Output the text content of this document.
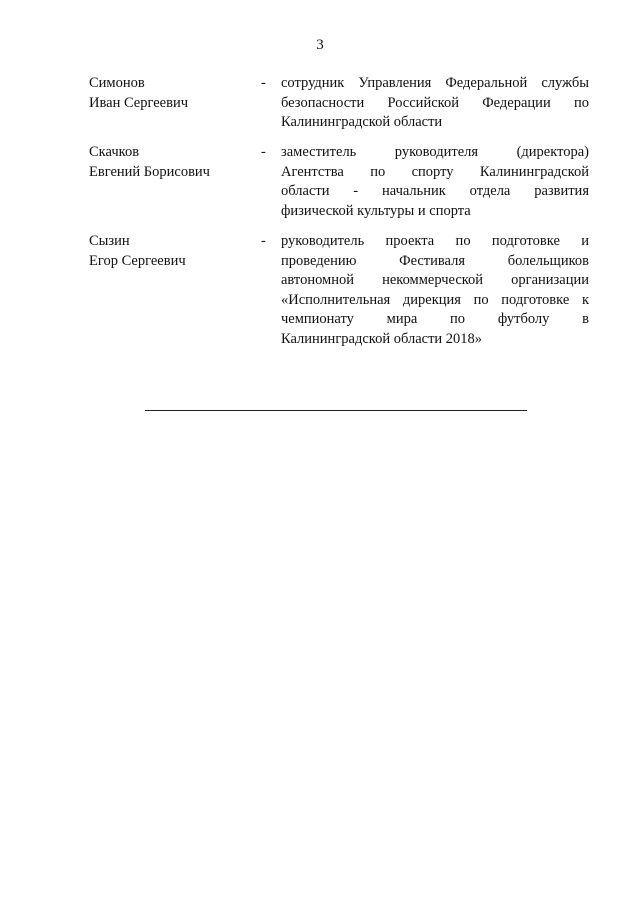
3
Симонов
Иван Сергеевич
-	сотрудник Управления Федеральной службы
безопасности Российской Федерации по
Калининградской области
Скачков
Евгений Борисович
-	заместитель руководителя (директора)
Агентства по спорту Калининградской
области - начальник отдела развития
физической культуры и спорта
Сызин
Егор Сергеевич
-	руководитель проекта по подготовке и
проведению Фестиваля болельщиков
автономной некоммерческой организации
«Исполнительная дирекция по подготовке к
чемпионату мира по футболу в
Калининградской области 2018»
